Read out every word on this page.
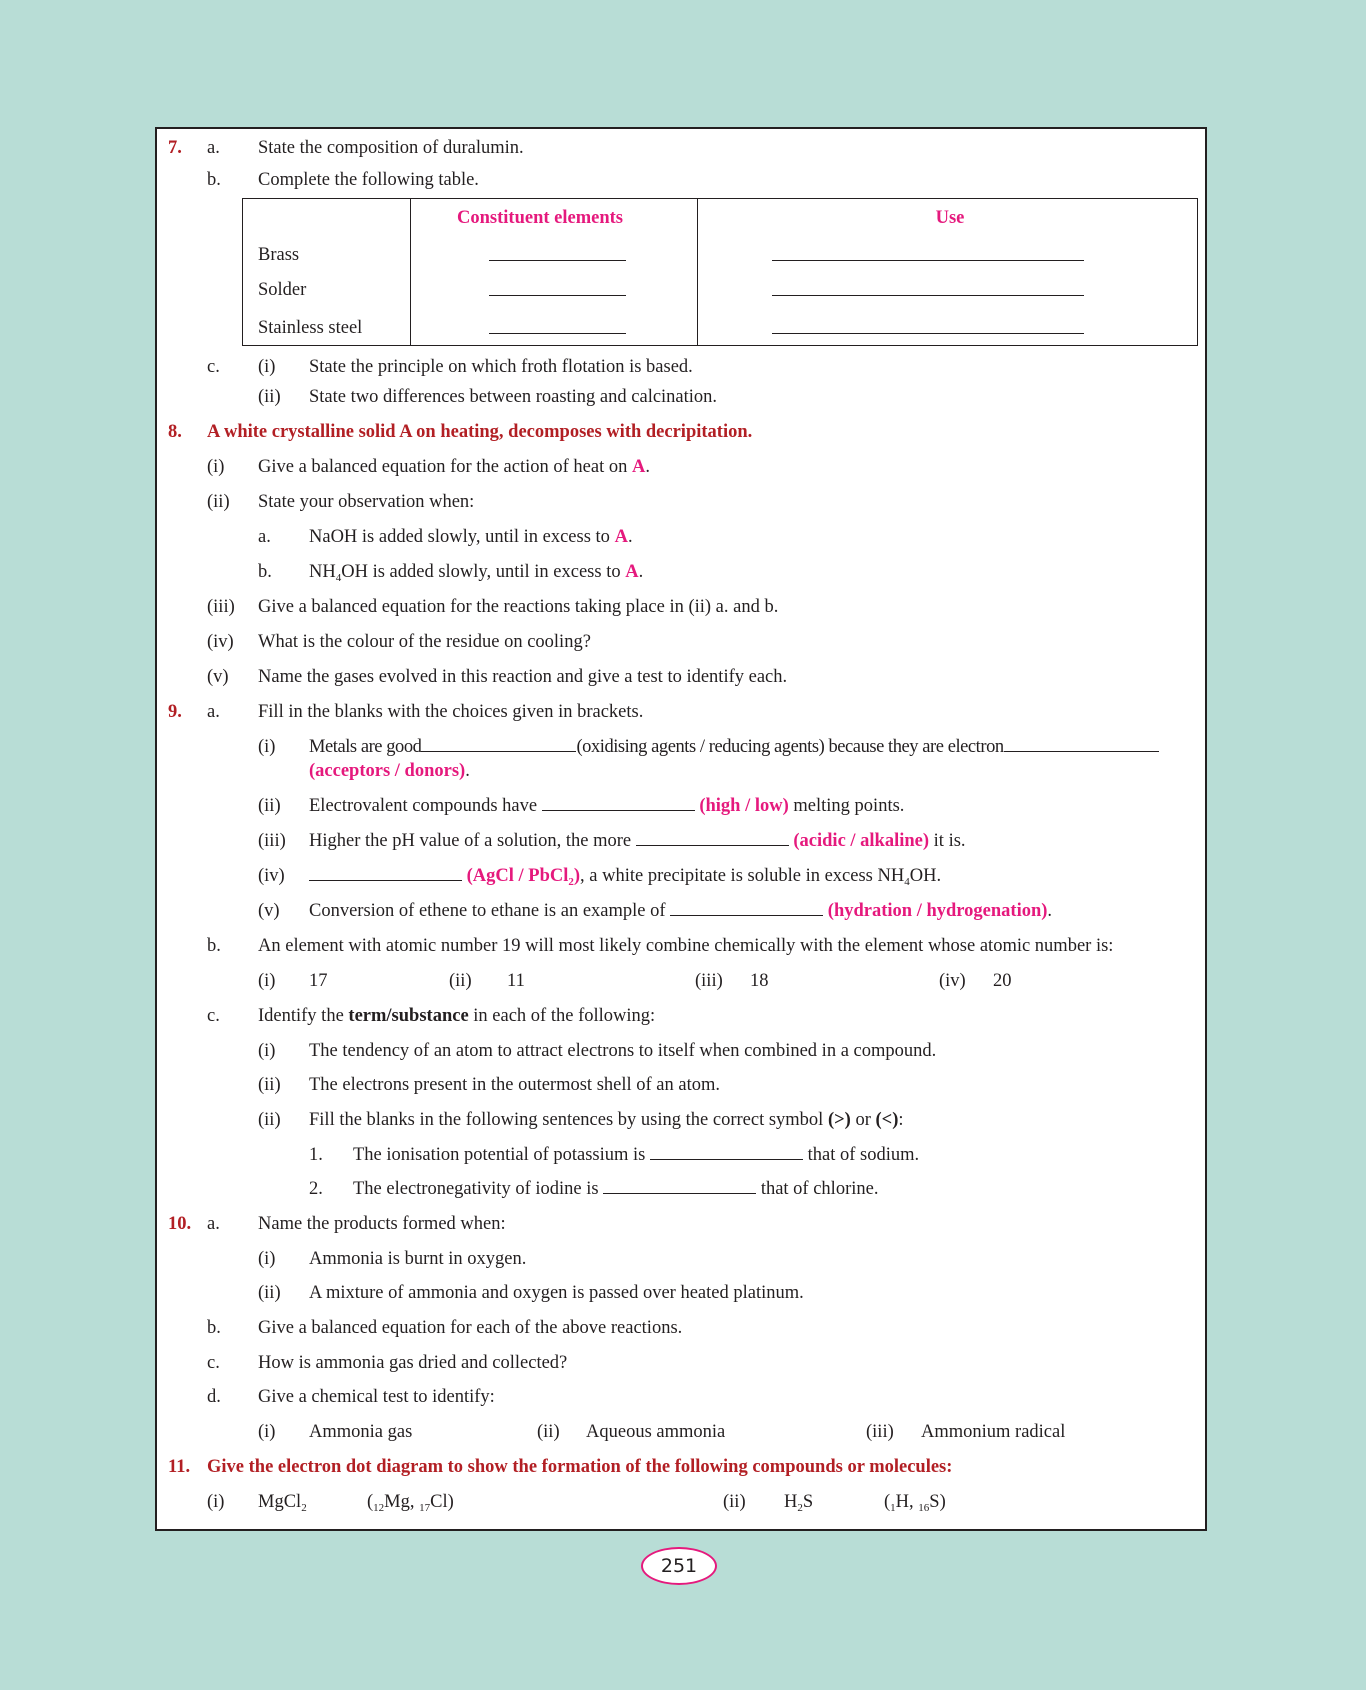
7. a. State the composition of duralumin.
b. Complete the following table.

Constituent elements	Use
Brass
Solder
Stainless steel
c. (i) State the principle on which froth flotation is based.
(ii) State two differences between roasting and calcination.
8. A white crystalline solid A on heating, decomposes with decripitation.
(i) Give a balanced equation for the action of heat on A.
(ii) State your observation when:
a. NaOH is added slowly, until in excess to A.
b. $NH_4OH$ is added slowly, until in excess to A.
(iii) Give a balanced equation for the reactions taking place in (ii) a. and b.
(iv) What is the colour of the residue on cooling?
(v) Name the gases evolved in this reaction and give a test to identify each.
9. a. Fill in the blanks with the choices given in brackets.
(i) Metals are good	(oxidising agents / reducing agents) because they are electron
(acceptors / donors).
(ii) Electrovalent compounds have	(high / low) melting points.
(iii) Higher the pH value of a solution, the more	(acidic / alkaline) it is.
(iv)	(AgCl / PbCl$_2$), a white precipitate is soluble in excess $NH_4OH$.
(v) Conversion of ethene to ethane is an example of	(hydration / hydrogenation).
b. An element with atomic number 19 will most likely combine chemically with the element whose atomic number is:
(i) 17	(ii) 11	(iii) 18	(iv) 20
c. Identify the term/substance in each of the following:
(i) The tendency of an atom to attract electrons to itself when combined in a compound.
(ii) The electrons present in the outermost shell of an atom.
(ii) Fill the blanks in the following sentences by using the correct symbol (>) or (<):
1. The ionisation potential of potassium is	that of sodium.
2. The electronegativity of iodine is	that of chlorine.
10. a. Name the products formed when:
(i) Ammonia is burnt in oxygen.
(ii) A mixture of ammonia and oxygen is passed over heated platinum.
b. Give a balanced equation for each of the above reactions.
c. How is ammonia gas dried and collected?
d. Give a chemical test to identify:
(i) Ammonia gas	(ii) Aqueous ammonia	(iii) Ammonium radical
11. Give the electron dot diagram to show the formation of the following compounds or molecules:
(i) MgCl$_2$	($_{12}Mg$, $_{17}$Cl)	(ii) $H_2S$	($_1H$, $_{16}$S)
251
